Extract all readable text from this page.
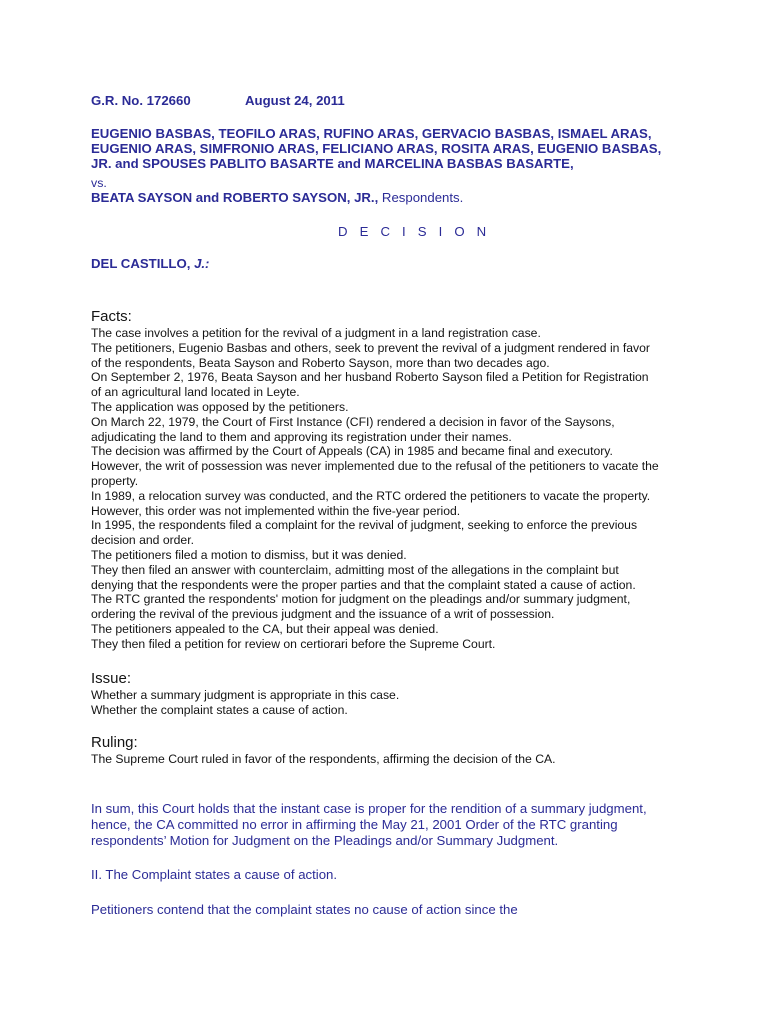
G.R. No. 172660	August 24, 2011
EUGENIO BASBAS, TEOFILO ARAS, RUFINO ARAS, GERVACIO BASBAS, ISMAEL ARAS,
EUGENIO ARAS, SIMFRONIO ARAS, FELICIANO ARAS, ROSITA ARAS, EUGENIO BASBAS,
JR. and SPOUSES PABLITO BASARTE and MARCELINA BASBAS BASARTE,
vs.
BEATA SAYSON and ROBERTO SAYSON, JR., Respondents.
D E C I S I O N
DEL CASTILLO, J.:
Facts:
The case involves a petition for the revival of a judgment in a land registration case.
The petitioners, Eugenio Basbas and others, seek to prevent the revival of a judgment rendered in favor
of the respondents, Beata Sayson and Roberto Sayson, more than two decades ago.
On September 2, 1976, Beata Sayson and her husband Roberto Sayson filed a Petition for Registration
of an agricultural land located in Leyte.
The application was opposed by the petitioners.
On March 22, 1979, the Court of First Instance (CFI) rendered a decision in favor of the Saysons,
adjudicating the land to them and approving its registration under their names.
The decision was affirmed by the Court of Appeals (CA) in 1985 and became final and executory.
However, the writ of possession was never implemented due to the refusal of the petitioners to vacate the
property.
In 1989, a relocation survey was conducted, and the RTC ordered the petitioners to vacate the property.
However, this order was not implemented within the five-year period.
In 1995, the respondents filed a complaint for the revival of judgment, seeking to enforce the previous
decision and order.
The petitioners filed a motion to dismiss, but it was denied.
They then filed an answer with counterclaim, admitting most of the allegations in the complaint but
denying that the respondents were the proper parties and that the complaint stated a cause of action.
The RTC granted the respondents' motion for judgment on the pleadings and/or summary judgment,
ordering the revival of the previous judgment and the issuance of a writ of possession.
The petitioners appealed to the CA, but their appeal was denied.
They then filed a petition for review on certiorari before the Supreme Court.
Issue:
Whether a summary judgment is appropriate in this case.
Whether the complaint states a cause of action.
Ruling:
The Supreme Court ruled in favor of the respondents, affirming the decision of the CA.
In sum, this Court holds that the instant case is proper for the rendition of a summary judgment,
hence, the CA committed no error in affirming the May 21, 2001 Order of the RTC granting
respondents’ Motion for Judgment on the Pleadings and/or Summary Judgment.
II. The Complaint states a cause of action.
Petitioners contend that the complaint states no cause of action since the
